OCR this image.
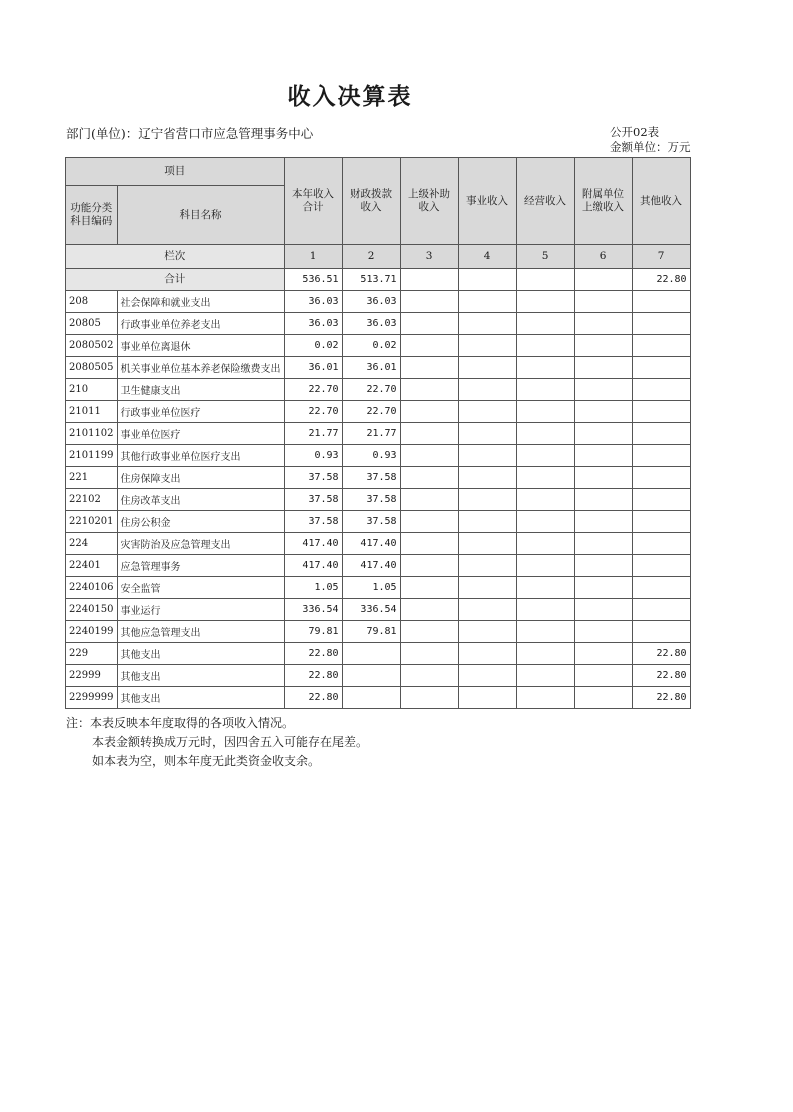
收入决算表
部门(单位)：辽宁省营口市应急管理事务中心	公开02表
金额单位：万元
项目		本年收入合计	财政拨款收入	上级补助收入	事业收入	经营收入	附属单位上缴收入	其他收入
功能分类科目编码	科目名称							
栏次		1	2	3	4	5	6	7
合计		536.51	513.71					22.80
208	社会保障和就业支出	36.03	36.03					
20805	行政事业单位养老支出	36.03	36.03					
2080502	事业单位离退休	0.02	0.02					
2080505	机关事业单位基本养老保险缴费支出	36.01	36.01					
210	卫生健康支出	22.70	22.70					
21011	行政事业单位医疗	22.70	22.70					
2101102	事业单位医疗	21.77	21.77					
2101199	其他行政事业单位医疗支出	0.93	0.93					
221	住房保障支出	37.58	37.58					
22102	住房改革支出	37.58	37.58					
2210201	住房公积金	37.58	37.58					
224	灾害防治及应急管理支出	417.40	417.40					
22401	应急管理事务	417.40	417.40					
2240106	安全监管	1.05	1.05					
2240150	事业运行	336.54	336.54					
2240199	其他应急管理支出	79.81	79.81					
229	其他支出	22.80						22.80
22999	其他支出	22.80						22.80
2299999	其他支出	22.80						22.80
注：本表反映本年度取得的各项收入情况。
本表金额转换成万元时，因四舍五入可能存在尾差。
如本表为空，则本年度无此类资金收支余。
